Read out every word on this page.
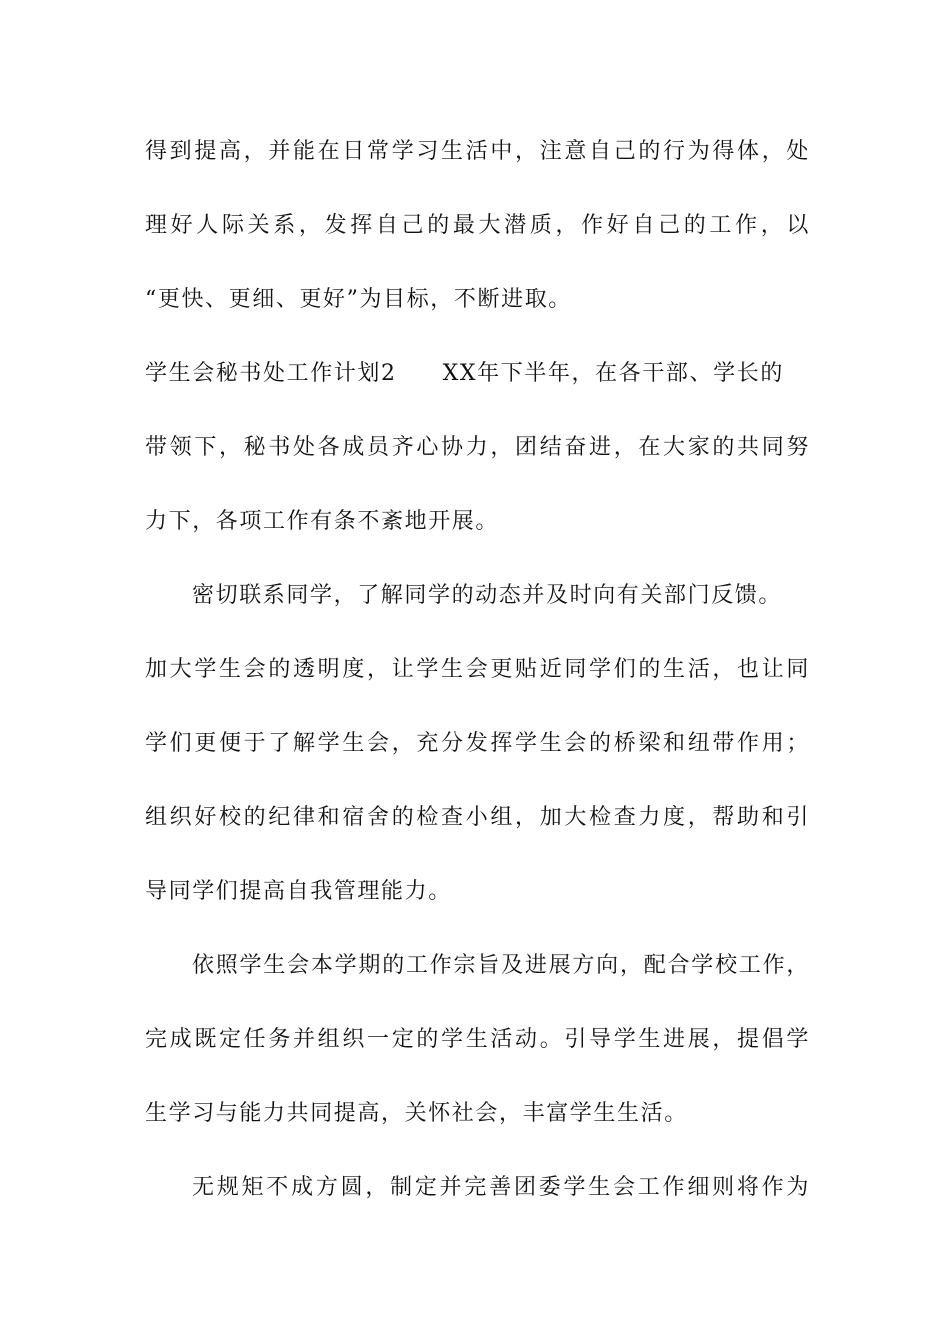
得到提高，并能在日常学习生活中，注意自己的行为得体，处
理好人际关系，发挥自己的最大潜质，作好自己的工作，以
“更快、更细、更好”为目标，不断进取。
学生会秘书处工作计划2 XX年下半年，在各干部、学长的
带领下，秘书处各成员齐心协力，团结奋进，在大家的共同努
力下，各项工作有条不紊地开展。
密切联系同学，了解同学的动态并及时向有关部门反馈。
加大学生会的透明度，让学生会更贴近同学们的生活，也让同
学们更便于了解学生会，充分发挥学生会的桥梁和纽带作用；
组织好校的纪律和宿舍的检查小组，加大检查力度，帮助和引
导同学们提高自我管理能力。
依照学生会本学期的工作宗旨及进展方向，配合学校工作，
完成既定任务并组织一定的学生活动。引导学生进展，提倡学
生学习与能力共同提高，关怀社会，丰富学生生活。
无规矩不成方圆，制定并完善团委学生会工作细则将作为
